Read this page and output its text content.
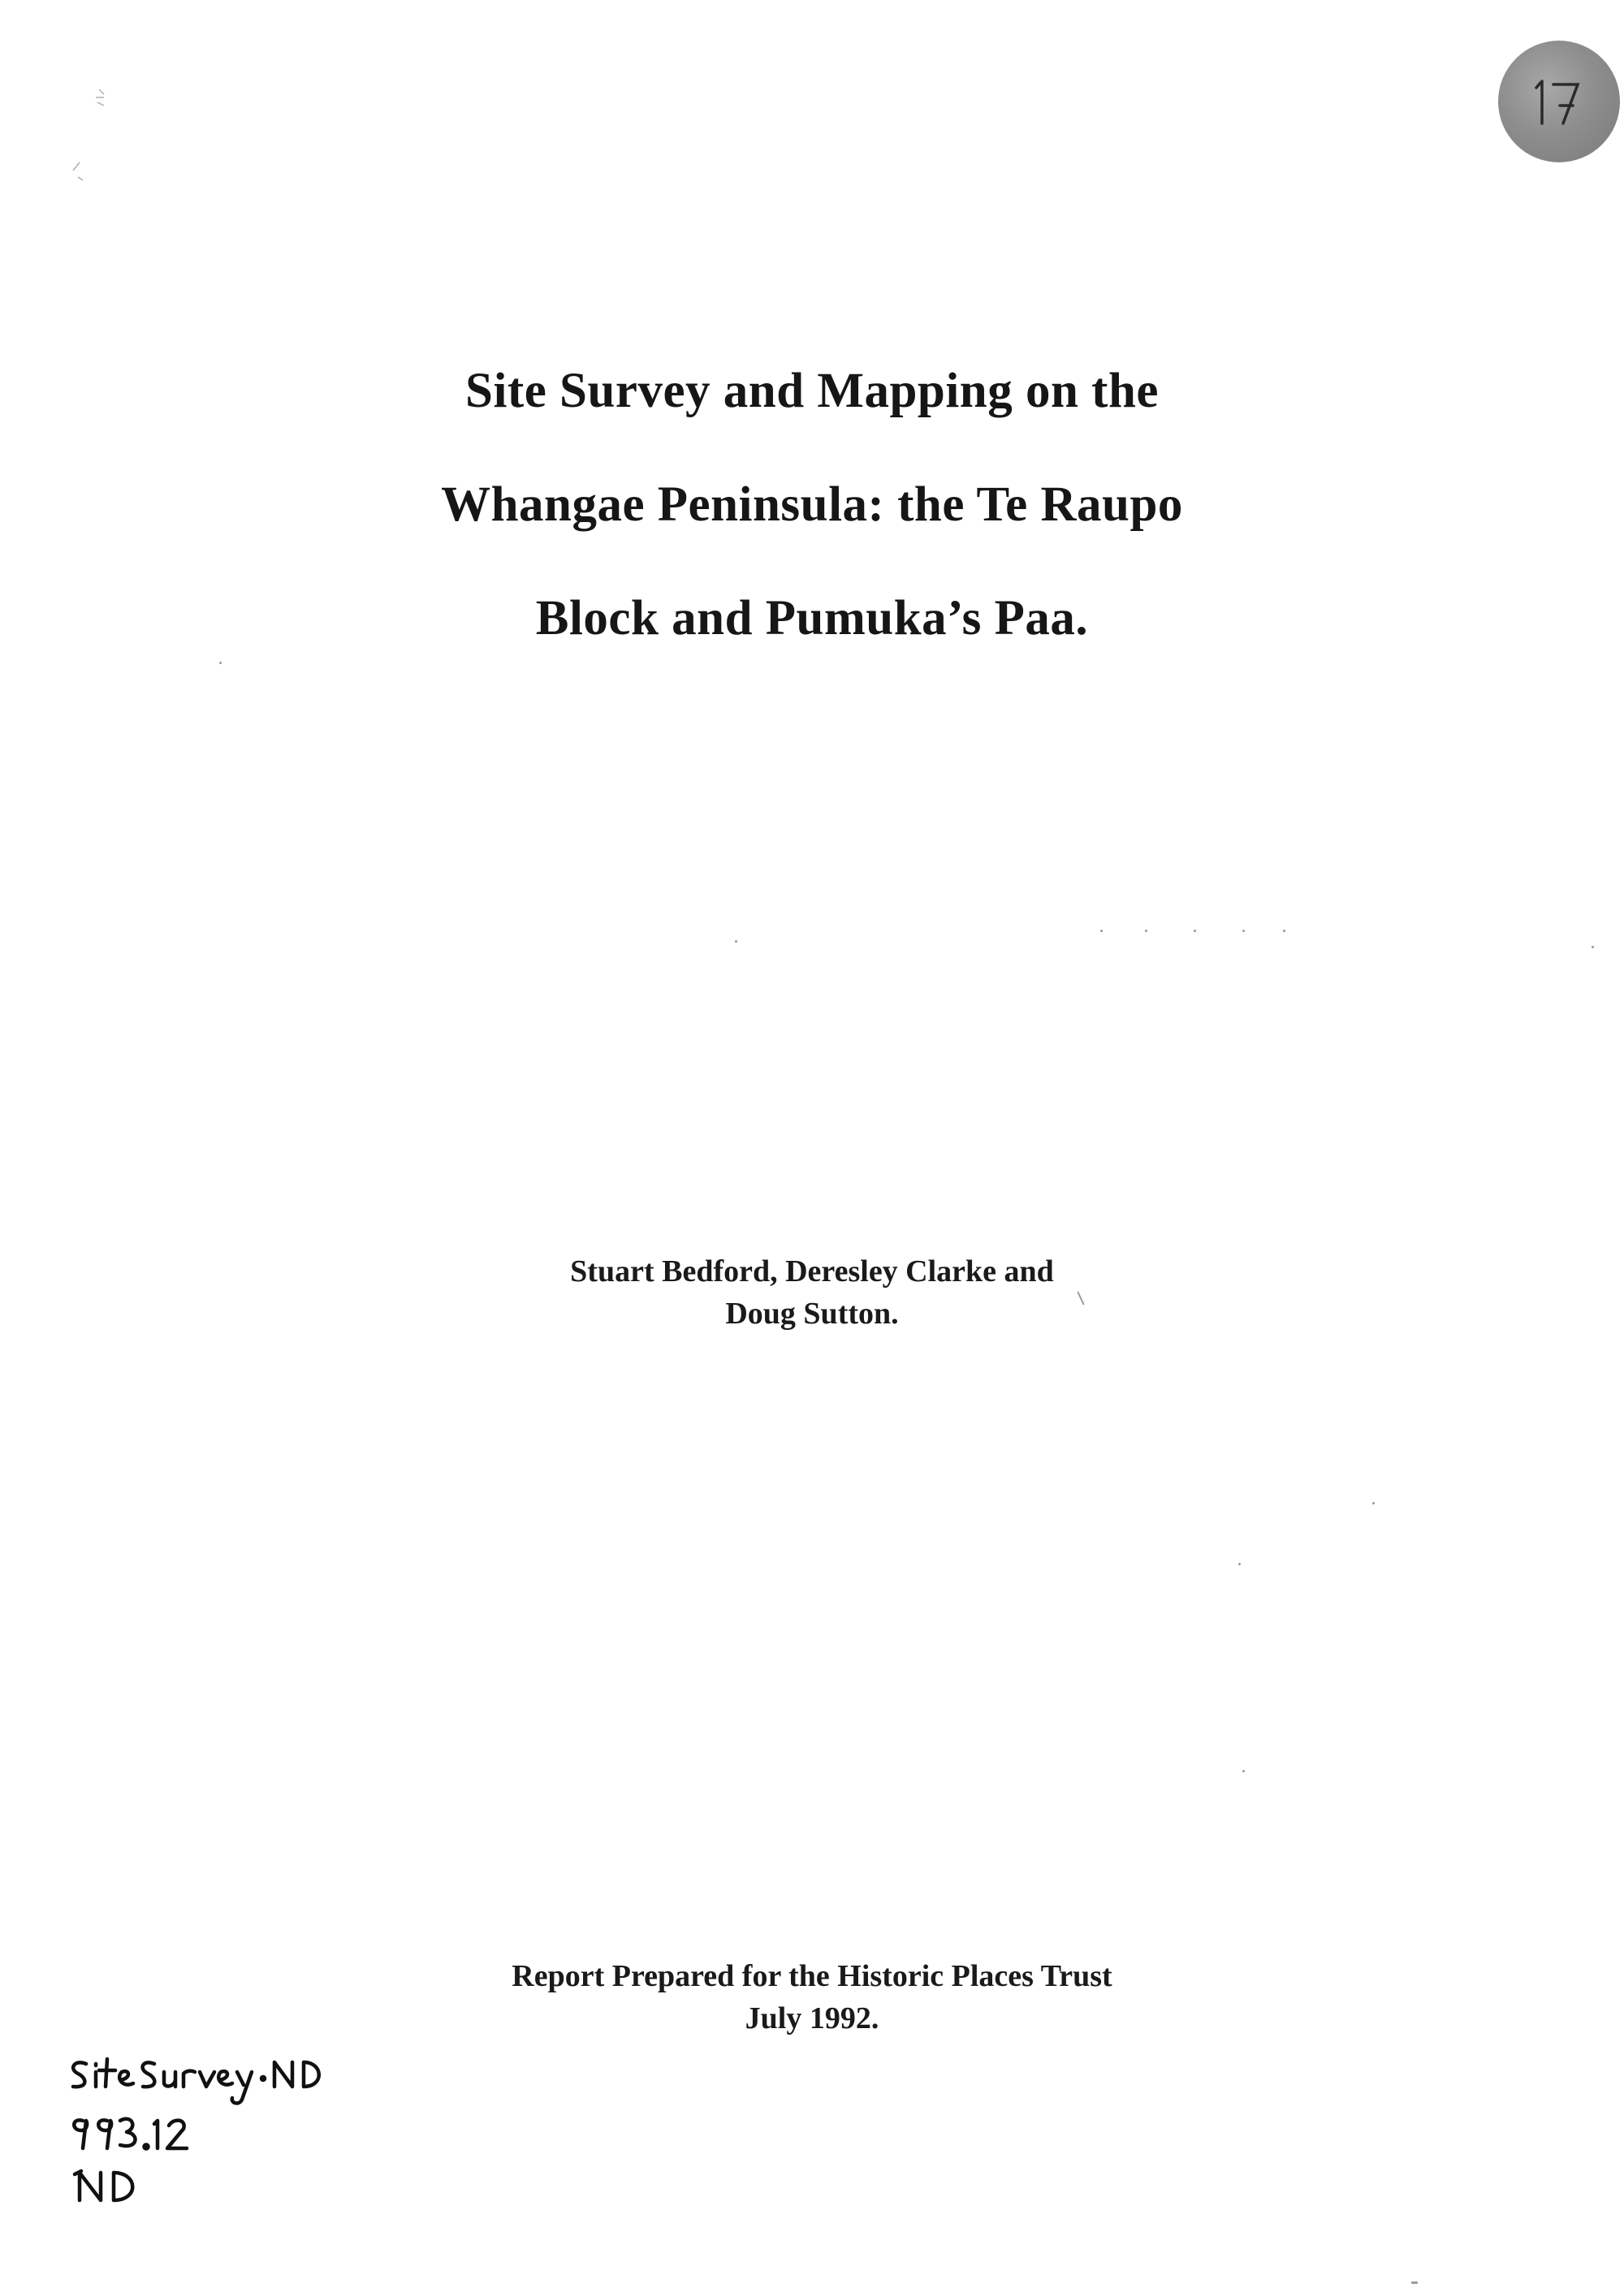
Site Survey and Mapping on the
Whangae Peninsula: the Te Raupo
Block and Pumuka’s Paa.
Stuart Bedford, Deresley Clarke and
Doug Sutton.
Report Prepared for the Historic Places Trust
July 1992.
